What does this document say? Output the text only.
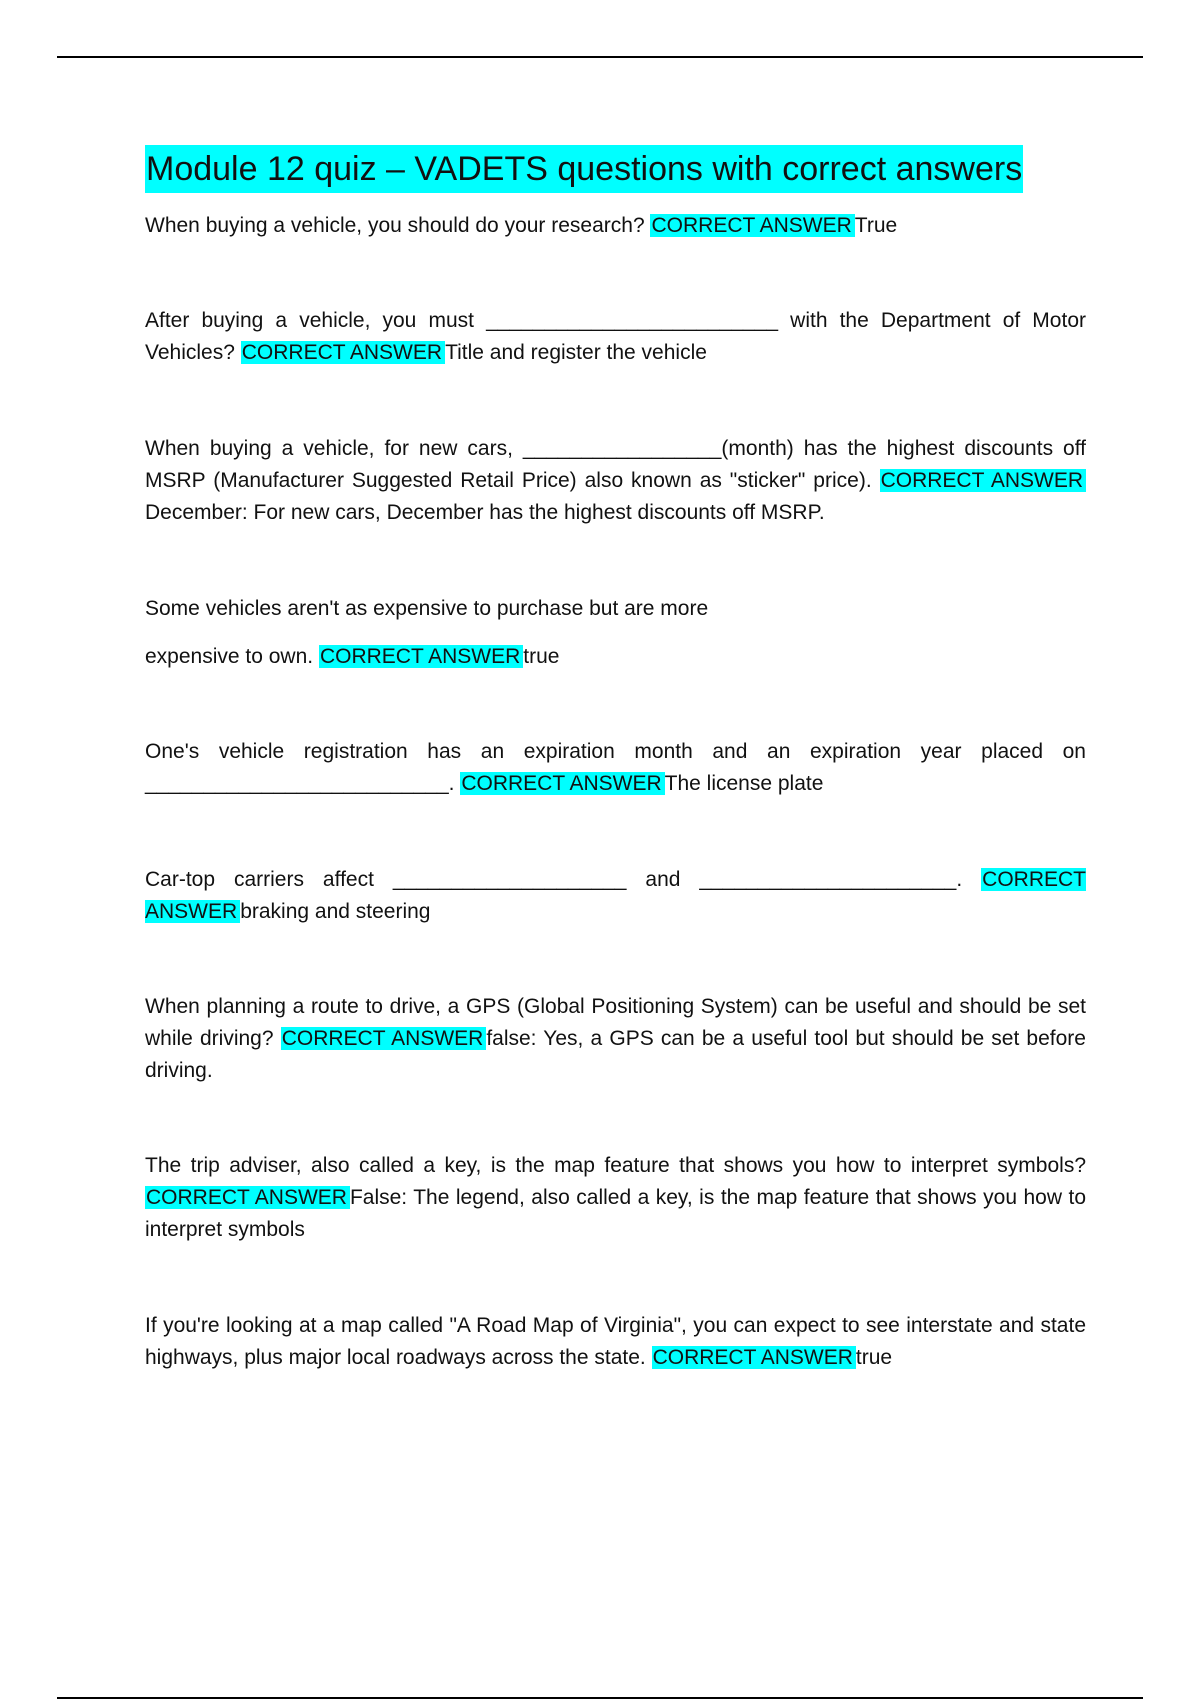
Module 12 quiz – VADETS questions with correct answers

When buying a vehicle, you should do your research? CORRECT ANSWER True

After buying a vehicle, you must _________________________ with the Department of Motor Vehicles? CORRECT ANSWER Title and register the vehicle

When buying a vehicle, for new cars, _________________(month) has the highest discounts off MSRP (Manufacturer Suggested Retail Price) also known as "sticker" price). CORRECT ANSWER December: For new cars, December has the highest discounts off MSRP.

Some vehicles aren't as expensive to purchase but are more

expensive to own. CORRECT ANSWER true

One's vehicle registration has an expiration month and an expiration year placed on __________________________. CORRECT ANSWER The license plate

Car-top carriers affect ____________________ and ______________________. CORRECT ANSWER braking and steering

When planning a route to drive, a GPS (Global Positioning System) can be useful and should be set while driving? CORRECT ANSWER false: Yes, a GPS can be a useful tool but should be set before driving.

The trip adviser, also called a key, is the map feature that shows you how to interpret symbols? CORRECT ANSWER False: The legend, also called a key, is the map feature that shows you how to interpret symbols

If you're looking at a map called "A Road Map of Virginia", you can expect to see interstate and state highways, plus major local roadways across the state. CORRECT ANSWER true
